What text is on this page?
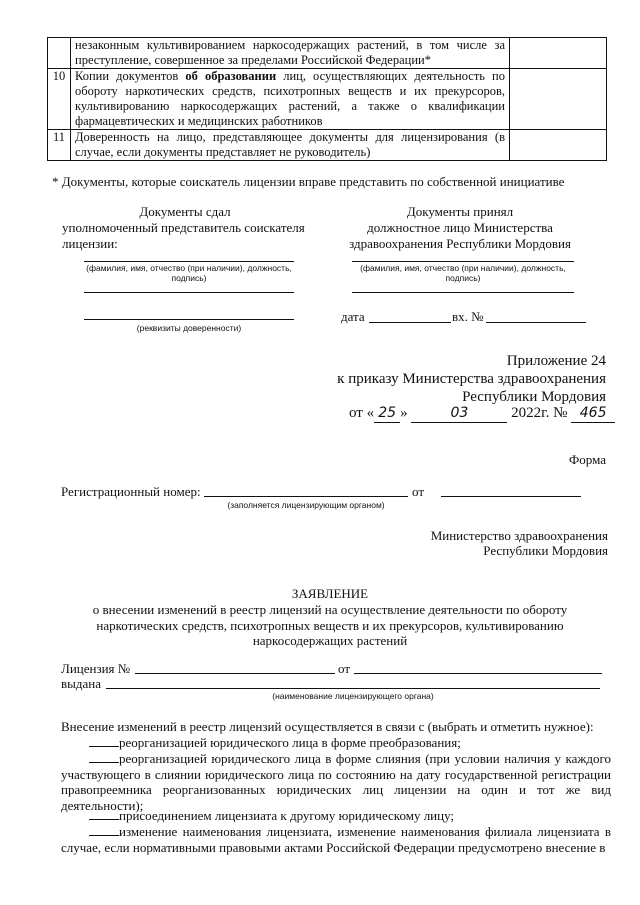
	незаконным культивированием наркосодержащих растений, в том числе за преступление, совершенное за пределами Российской Федерации*	
10	Копии документов об образовании лиц, осуществляющих деятельность по обороту наркотических средств, психотропных веществ и их прекурсоров, культивированию наркосодержащих растений, а также о квалификации фармацевтических и медицинских работников	
11	Доверенность на лицо, представляющее документы для лицензирования (в случае, если документы представляет не руководитель)	
* Документы, которые соискатель лицензии вправе представить по собственной инициативе
Документы сдал
уполномоченный представитель соискателя
лицензии:
(фамилия, имя, отчество (при наличии), должность, подпись)
(реквизиты доверенности)
Документы принял
должностное лицо Министерства
здравоохранения Республики Мордовия
(фамилия, имя, отчество (при наличии), должность, подпись)
дата	вх. №
Приложение 24
к приказу Министерства здравоохранения
Республики Мордовия
от « 25 »	03	2022г. № 465
Форма
Регистрационный номер:	от
(заполняется лицензирующим органом)
Министерство здравоохранения
Республики Мордовия
ЗАЯВЛЕНИЕ
о внесении изменений в реестр лицензий на осуществление деятельности по обороту наркотических средств, психотропных веществ и их прекурсоров, культивированию наркосодержащих растений
Лицензия №	от
выдана
(наименование лицензирующего органа)
Внесение изменений в реестр лицензий осуществляется в связи с (выбрать и отметить нужное):
реорганизацией юридического лица в форме преобразования;
реорганизацией юридического лица в форме слияния (при условии наличия у каждого участвующего в слиянии юридического лица по состоянию на дату государственной регистрации правопреемника реорганизованных юридических лиц лицензии на один и тот же вид деятельности);
присоединением лицензиата к другому юридическому лицу;
изменение наименования лицензиата, изменение наименования филиала лицензиата в случае, если нормативными правовыми актами Российской Федерации предусмотрено внесение в
